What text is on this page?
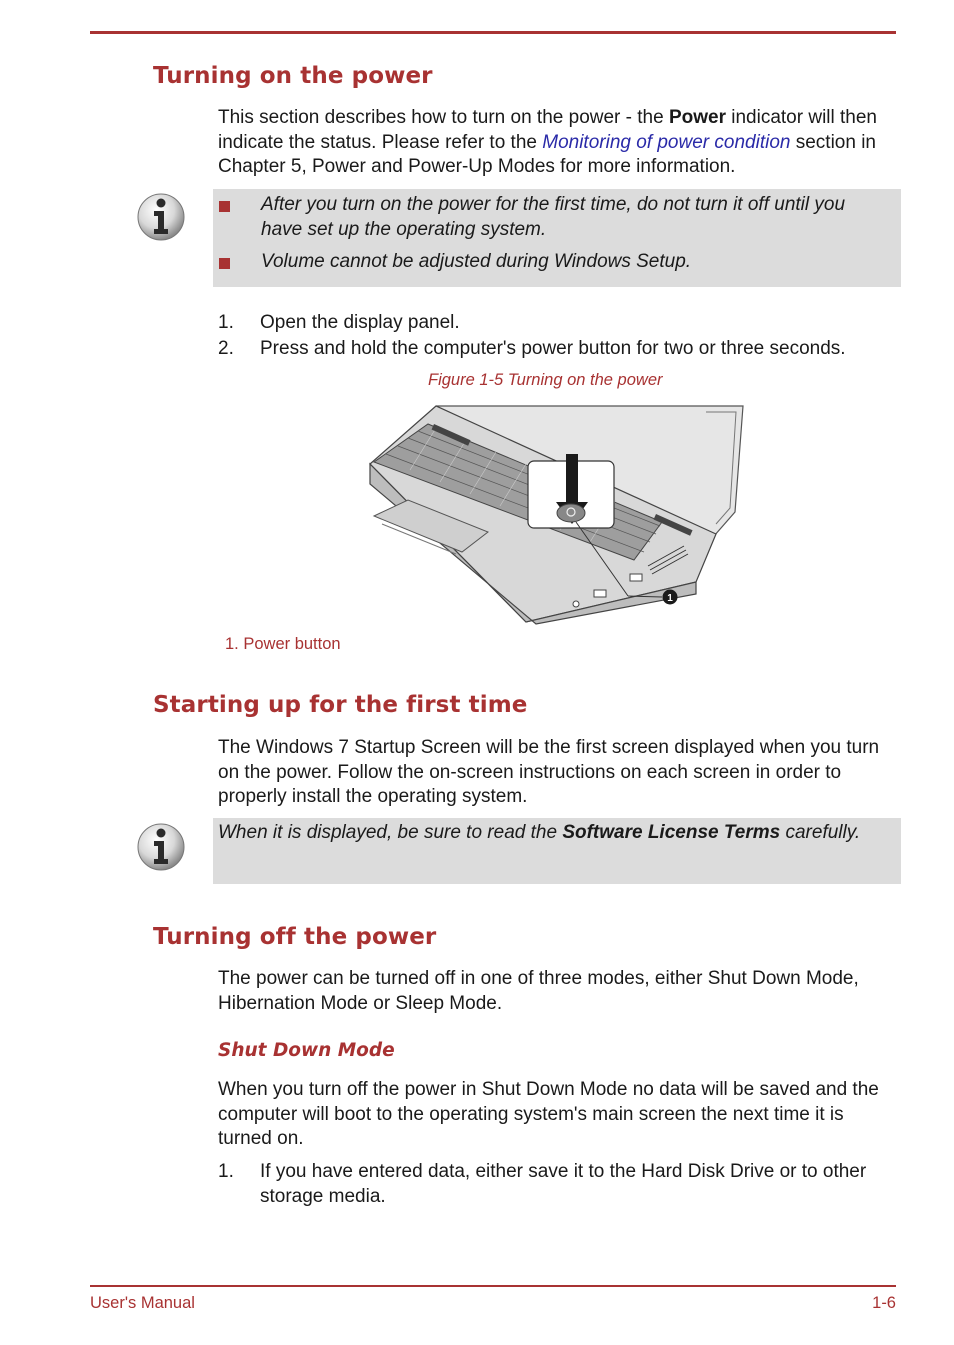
Turning on the power

This section describes how to turn on the power - the Power indicator will then indicate the status. Please refer to the Monitoring of power condition section in Chapter 5, Power and Power-Up Modes for more information.

After you turn on the power for the first time, do not turn it off until you have set up the operating system.
Volume cannot be adjusted during Windows Setup.
1. Open the display panel.
2. Press and hold the computer's power button for two or three seconds.
Figure 1-5 Turning on the power
1
1. Power button
Starting up for the first time

The Windows 7 Startup Screen will be the first screen displayed when you turn on the power. Follow the on-screen instructions on each screen in order to properly install the operating system.

When it is displayed, be sure to read the Software License Terms carefully.

Turning off the power

The power can be turned off in one of three modes, either Shut Down Mode, Hibernation Mode or Sleep Mode.

Shut Down Mode

When you turn off the power in Shut Down Mode no data will be saved and the computer will boot to the operating system's main screen the next time it is turned on.

1. If you have entered data, either save it to the Hard Disk Drive or to other storage media.
User's Manual	1-6
